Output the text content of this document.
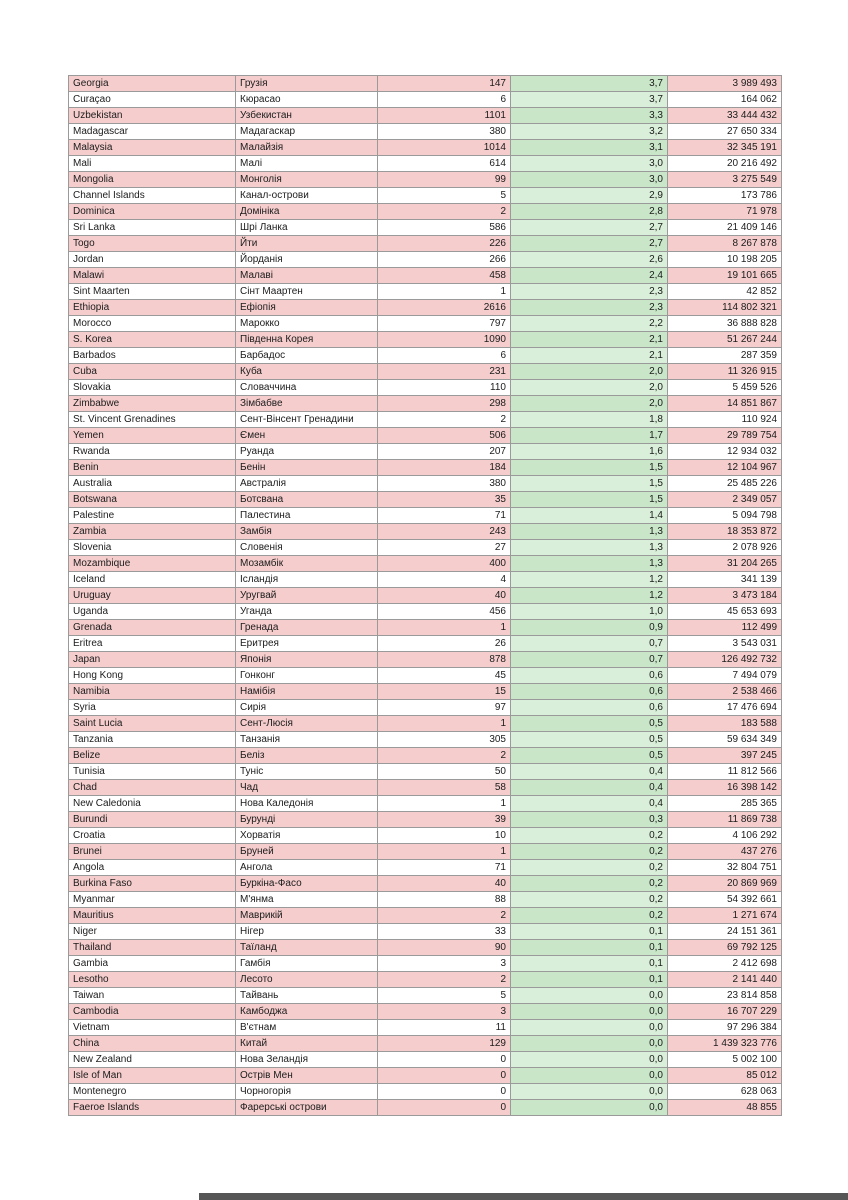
Georgia	Грузія	147	3,7	3 989 493
Curaçao	Кюрасао	6	3,7	164 062
Uzbekistan	Узбекистан	1101	3,3	33 444 432
Madagascar	Мадагаскар	380	3,2	27 650 334
Malaysia	Малайзія	1014	3,1	32 345 191
Mali	Малі	614	3,0	20 216 492
Mongolia	Монголія	99	3,0	3 275 549
Channel Islands	Канал-острови	5	2,9	173 786
Dominica	Домініка	2	2,8	71 978
Sri Lanka	Шрі Ланка	586	2,7	21 409 146
Togo	Йти	226	2,7	8 267 878
Jordan	Йорданія	266	2,6	10 198 205
Malawi	Малаві	458	2,4	19 101 665
Sint Maarten	Сінт Маартен	1	2,3	42 852
Ethiopia	Ефіопія	2616	2,3	114 802 321
Morocco	Марокко	797	2,2	36 888 828
S. Korea	Південна Корея	1090	2,1	51 267 244
Barbados	Барбадос	6	2,1	287 359
Cuba	Куба	231	2,0	11 326 915
Slovakia	Словаччина	110	2,0	5 459 526
Zimbabwe	Зімбабве	298	2,0	14 851 867
St. Vincent Grenadines	Сент-Вінсент Гренадини	2	1,8	110 924
Yemen	Ємен	506	1,7	29 789 754
Rwanda	Руанда	207	1,6	12 934 032
Benin	Бенін	184	1,5	12 104 967
Australia	Австралія	380	1,5	25 485 226
Botswana	Ботсвана	35	1,5	2 349 057
Palestine	Палестина	71	1,4	5 094 798
Zambia	Замбія	243	1,3	18 353 872
Slovenia	Словенія	27	1,3	2 078 926
Mozambique	Мозамбік	400	1,3	31 204 265
Iceland	Ісландія	4	1,2	341 139
Uruguay	Уругвай	40	1,2	3 473 184
Uganda	Уганда	456	1,0	45 653 693
Grenada	Гренада	1	0,9	112 499
Eritrea	Еритрея	26	0,7	3 543 031
Japan	Японія	878	0,7	126 492 732
Hong Kong	Гонконг	45	0,6	7 494 079
Namibia	Намібія	15	0,6	2 538 466
Syria	Сирія	97	0,6	17 476 694
Saint Lucia	Сент-Люсія	1	0,5	183 588
Tanzania	Танзанія	305	0,5	59 634 349
Belize	Беліз	2	0,5	397 245
Tunisia	Туніс	50	0,4	11 812 566
Chad	Чад	58	0,4	16 398 142
New Caledonia	Нова Каледонія	1	0,4	285 365
Burundi	Бурунді	39	0,3	11 869 738
Croatia	Хорватія	10	0,2	4 106 292
Brunei	Бруней	1	0,2	437 276
Angola	Ангола	71	0,2	32 804 751
Burkina Faso	Буркіна-Фасо	40	0,2	20 869 969
Myanmar	М'янма	88	0,2	54 392 661
Mauritius	Маврикій	2	0,2	1 271 674
Niger	Нігер	33	0,1	24 151 361
Thailand	Таїланд	90	0,1	69 792 125
Gambia	Гамбія	3	0,1	2 412 698
Lesotho	Лесото	2	0,1	2 141 440
Taiwan	Тайвань	5	0,0	23 814 858
Cambodia	Камбоджа	3	0,0	16 707 229
Vietnam	В'єтнам	11	0,0	97 296 384
China	Китай	129	0,0	1 439 323 776
New Zealand	Нова Зеландія	0	0,0	5 002 100
Isle of Man	Острів Мен	0	0,0	85 012
Montenegro	Чорногорія	0	0,0	628 063
Faeroe Islands	Фарерські острови	0	0,0	48 855
